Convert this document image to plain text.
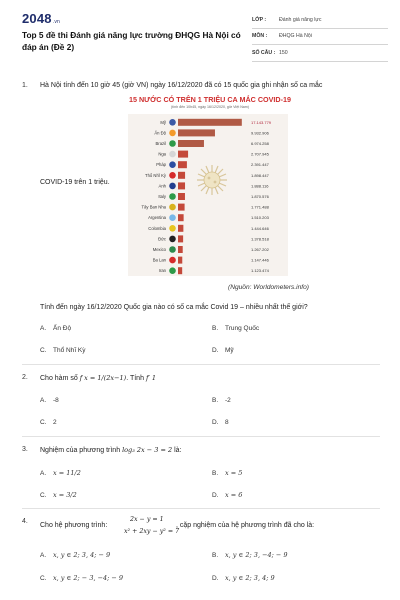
2048.vn
Top 5 đề thi Đánh giá năng lực trường ĐHQG Hà Nội có đáp án (Đề 2)
LỚP :	Đánh giá năng lực
MÔN :	ĐHQG Hà Nội
SỐ CÂU : 150
1. Hà Nội tính đến 10 giờ 45 (giờ VN) ngày 16/12/2020 đã có 15 quốc gia ghi nhận số ca mắc
15 NƯỚC CÓ TRÊN 1 TRIỆU CA MẮC COVID-19
(tính đến 10h45, ngày 16/12/2020, giờ Việt Nam)
Mỹ	17.143.779
Ấn Độ	9.932.906
Brazil	6.974.258
Nga	2.707.945
Pháp	2.391.447
Thổ Nhĩ Kỳ	1.898.447
Anh	1.888.116
Italy	1.870.576
Tây Ban Nha	1.771.488
Argentina	1.510.203
Colombia	1.444.646
Đức	1.378.518
Mexico	1.267.202
Ba Lan	1.147.446
Iran	1.123.474
COVID-19 trên 1 triệu.
(Nguồn: Worldometers.info)
Tính đến ngày 16/12/2020 Quốc gia nào có số ca mắc Covid 19 – nhiều nhất thế giới?
A. Ấn Độ	B. Trung Quốc
C. Thổ Nhĩ Kỳ	D. Mỹ
2. Cho hàm số f x = 1/(2x−1). Tính f′ 1
A. -8	B. -2
C. 2	D. 8
3. Nghiệm của phương trình log₃ 2x − 3 = 2 là:
A. x = 11/2	B. x = 5
C. x = 3/2	D. x = 6
4.
Cho hệ phương trình:
2x − y = 1
x² + 2xy − y² = 7
, cặp nghiệm của hệ phương trình đã cho là:
A. x, y ∈ 2; 3, 4; − 9	B. x, y ∈ 2; 3, −4; − 9
C. x, y ∈ 2; − 3, −4; − 9	D. x, y ∈ 2; 3, 4; 9
